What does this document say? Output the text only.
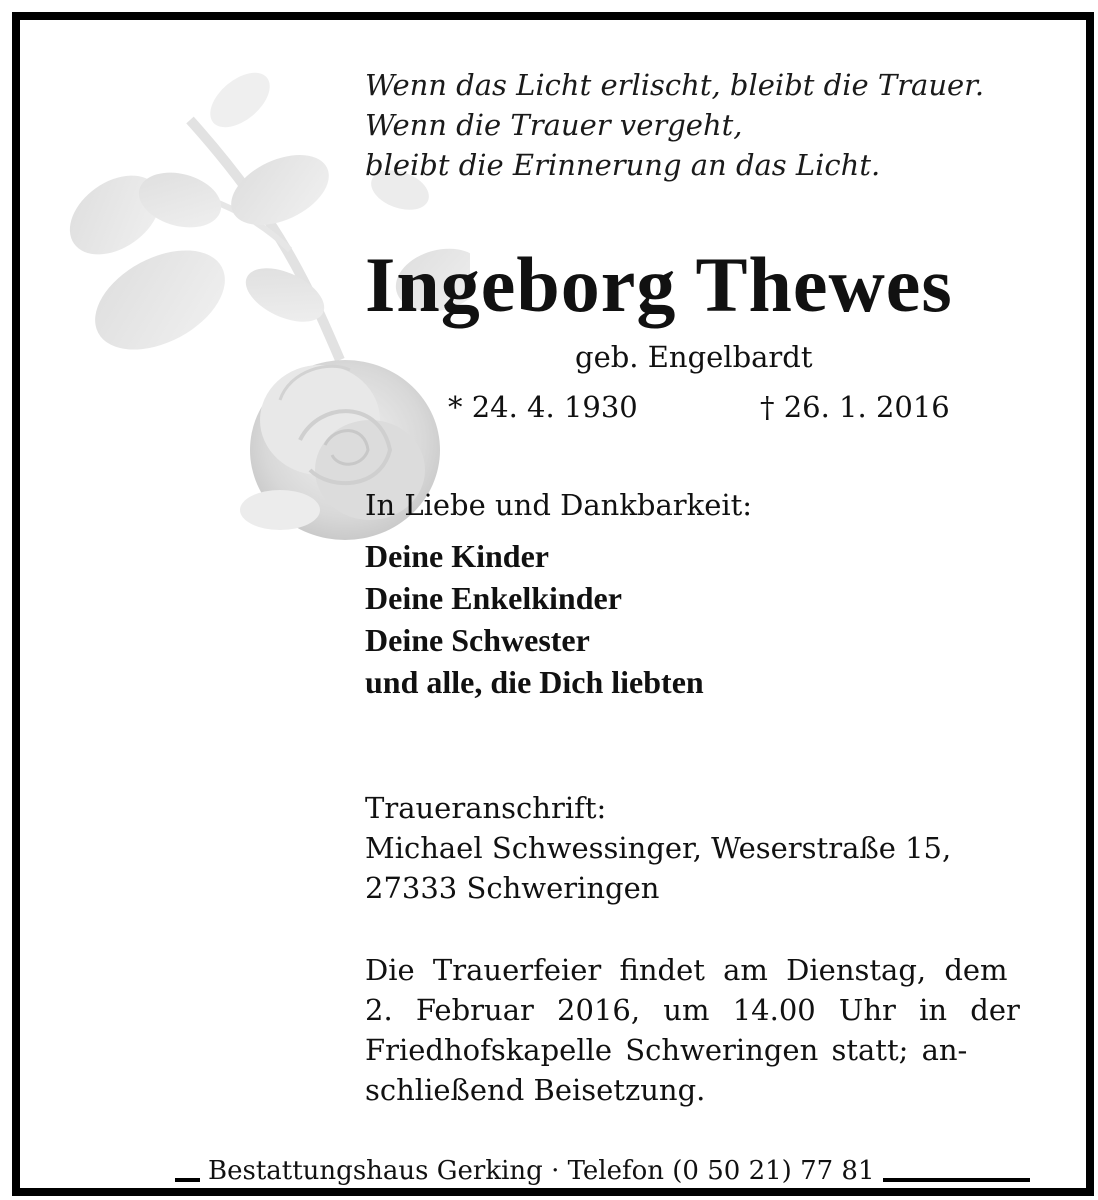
Wenn das Licht erlischt, bleibt die Trauer.
Wenn die Trauer vergeht,
bleibt die Erinnerung an das Licht.
Ingeborg Thewes
geb. Engelbardt
* 24. 4. 1930	† 26. 1. 2016
In Liebe und Dankbarkeit:
Deine Kinder
Deine Enkelkinder
Deine Schwester
und alle, die Dich liebten
Traueranschrift:
Michael Schwessinger, Weserstraße 15,
27333 Schweringen
Die Trauerfeier findet am Dienstag, dem
2. Februar 2016, um 14.00 Uhr in der
Friedhofskapelle Schweringen statt; an-
schließend Beisetzung.
Bestattungshaus Gerking · Telefon (0 50 21) 77 81
